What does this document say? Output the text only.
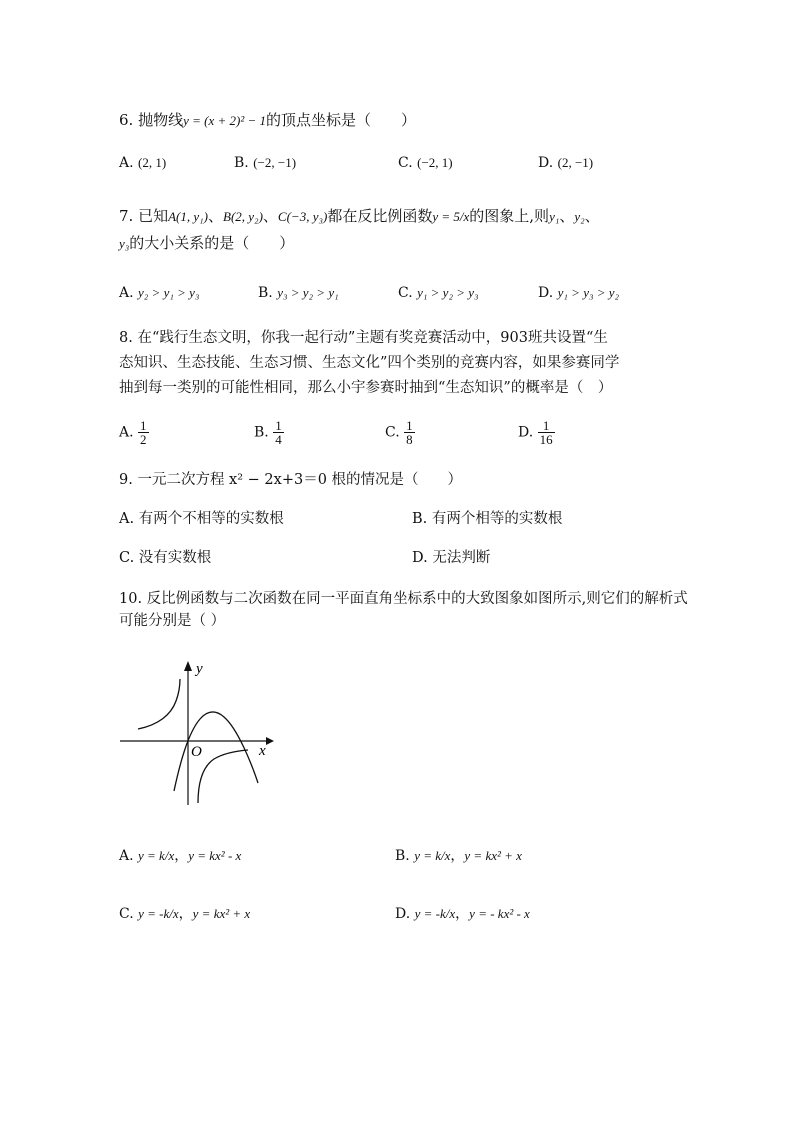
6. 抛物线y = (x + 2)² − 1的顶点坐标是（　　）
A. (2, 1)	B. (−2, −1)	C. (−2, 1)	D. (2, −1)
7. 已知A(1, y₁)、B(2, y₂)、C(−3, y₃)都在反比例函数y = 5/x的图象上,则y₁、y₂、
y₃的大小关系的是（　　）
A. y₂ > y₁ > y₃	B. y₃ > y₂ > y₁	C. y₁ > y₂ > y₃	D. y₁ > y₃ > y₂
8. 在“践行生态文明，你我一起行动”主题有奖竞赛活动中，903班共设置“生
态知识、生态技能、生态习惯、生态文化”四个类别的竞赛内容，如果参赛同学
抽到每一类别的可能性相同，那么小宇参赛时抽到“生态知识”的概率是（　）
A. $\frac{1}{2}$	B. $\frac{1}{4}$	C. $\frac{1}{8}$	D. $\frac{1}{16}$
9. 一元二次方程 x² − 2x+3＝0 根的情况是（　　）
A. 有两个不相等的实数根	B. 有两个相等的实数根
C. 没有实数根	D. 无法判断
10. 反比例函数与二次函数在同一平面直角坐标系中的大致图象如图所示,则它们的解析式
可能分别是（ ）
y
x
O
A. y = k/x，y = kx² - x	B. y = k/x，y = kx² + x
C. y = -k/x，y = kx² + x	D. y = -k/x，y = - kx² - x
